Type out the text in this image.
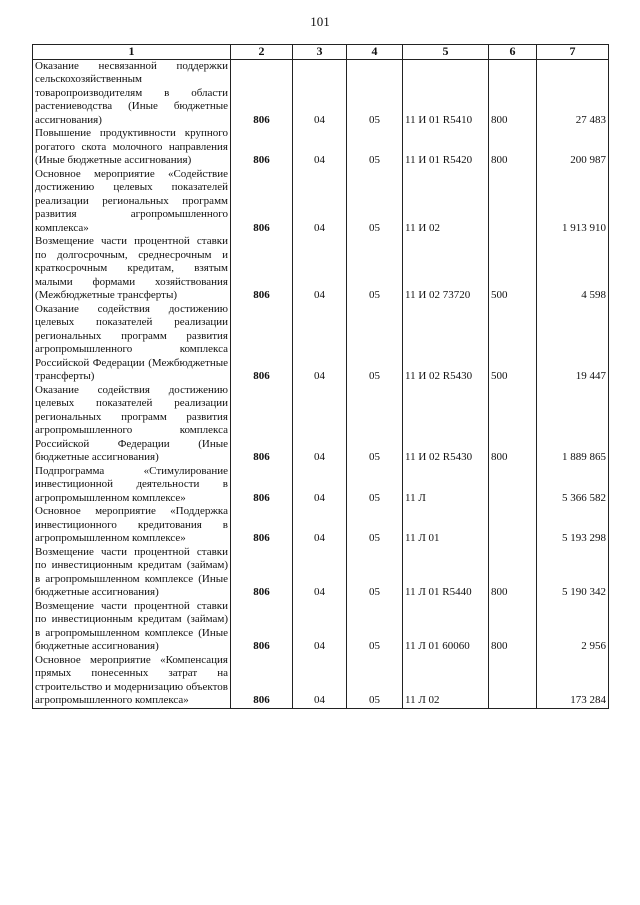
101
1	2	3	4	5	6	7
Оказание несвязанной поддержки сельскохозяйственным товаропроизводителям в области растениеводства (Иные бюджетные ассигнования)	806	04	05	11 И 01 R5410	800	27 483
Повышение продуктивности крупного рогатого скота молочного направления (Иные бюджетные ассигнования)	806	04	05	11 И 01 R5420	800	200 987
Основное мероприятие «Содействие достижению целевых показателей реализации региональных программ развития агропромышленного комплекса»	806	04	05	11 И 02		1 913 910
Возмещение части процентной ставки по долгосрочным, среднесрочным и краткосрочным кредитам, взятым малыми формами хозяйствования (Межбюджетные трансферты)	806	04	05	11 И 02 73720	500	4 598
Оказание содействия достижению целевых показателей реализации региональных программ развития агропромышленного комплекса Российской Федерации (Межбюджетные трансферты)	806	04	05	11 И 02 R5430	500	19 447
Оказание содействия достижению целевых показателей реализации региональных программ развития агропромышленного комплекса Российской Федерации (Иные бюджетные ассигнования)	806	04	05	11 И 02 R5430	800	1 889 865
Подпрограмма «Стимулирование инвестиционной деятельности в агропромышленном комплексе»	806	04	05	11 Л		5 366 582
Основное мероприятие «Поддержка инвестиционного кредитования в агропромышленном комплексе»	806	04	05	11 Л 01		5 193 298
Возмещение части процентной ставки по инвестиционным кредитам (займам) в агропромышленном комплексе (Иные бюджетные ассигнования)	806	04	05	11 Л 01 R5440	800	5 190 342
Возмещение части процентной ставки по инвестиционным кредитам (займам) в агропромышленном комплексе (Иные бюджетные ассигнования)	806	04	05	11 Л 01 60060	800	2 956
Основное мероприятие «Компенсация прямых понесенных затрат на строительство и модернизацию объектов агропромышленного комплекса»	806	04	05	11 Л 02		173 284
